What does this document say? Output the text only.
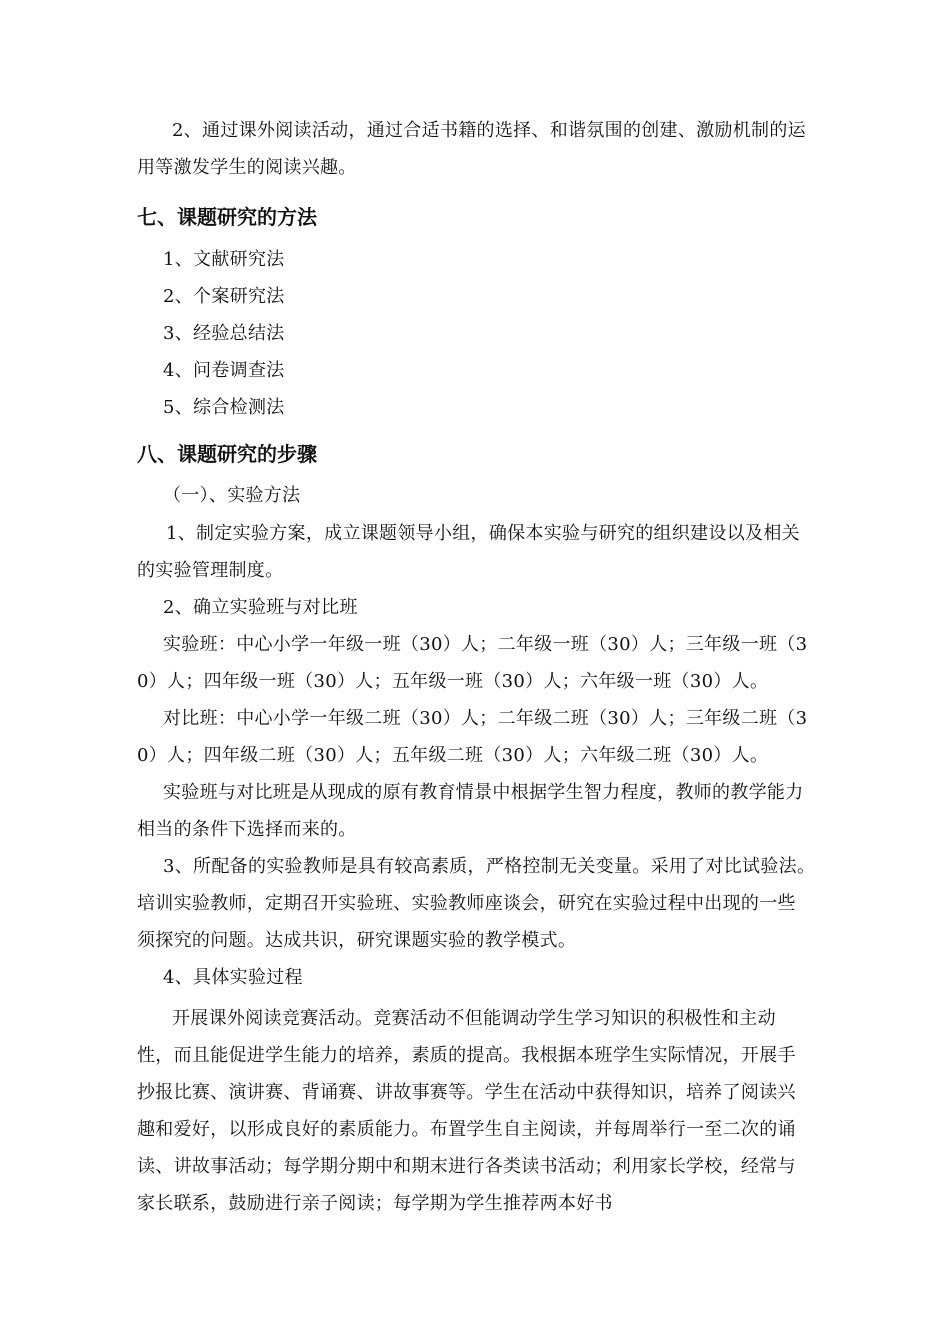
2、通过课外阅读活动，通过合适书籍的选择、和谐氛围的创建、激励机制的运
用等激发学生的阅读兴趣。
七、课题研究的方法
1、文献研究法
2、个案研究法
3、经验总结法
4、问卷调查法
5、综合检测法
八、课题研究的步骤
（一）、实验方法
1、制定实验方案，成立课题领导小组，确保本实验与研究的组织建设以及相关
的实验管理制度。
2、确立实验班与对比班
实验班：中心小学一年级一班（30）人；二年级一班（30）人；三年级一班（3
0）人；四年级一班（30）人；五年级一班（30）人；六年级一班（30）人。
对比班：中心小学一年级二班（30）人；二年级二班（30）人；三年级二班（3
0）人；四年级二班（30）人；五年级二班（30）人；六年级二班（30）人。
实验班与对比班是从现成的原有教育情景中根据学生智力程度，教师的教学能力
相当的条件下选择而来的。
3、所配备的实验教师是具有较高素质，严格控制无关变量。采用了对比试验法。
培训实验教师，定期召开实验班、实验教师座谈会，研究在实验过程中出现的一些
须探究的问题。达成共识，研究课题实验的教学模式。
4、具体实验过程
开展课外阅读竞赛活动。竞赛活动不但能调动学生学习知识的积极性和主动
性，而且能促进学生能力的培养，素质的提高。我根据本班学生实际情况，开展手
抄报比赛、演讲赛、背诵赛、讲故事赛等。学生在活动中获得知识，培养了阅读兴
趣和爱好，以形成良好的素质能力。布置学生自主阅读，并每周举行一至二次的诵
读、讲故事活动；每学期分期中和期末进行各类读书活动；利用家长学校，经常与
家长联系，鼓励进行亲子阅读；每学期为学生推荐两本好书
